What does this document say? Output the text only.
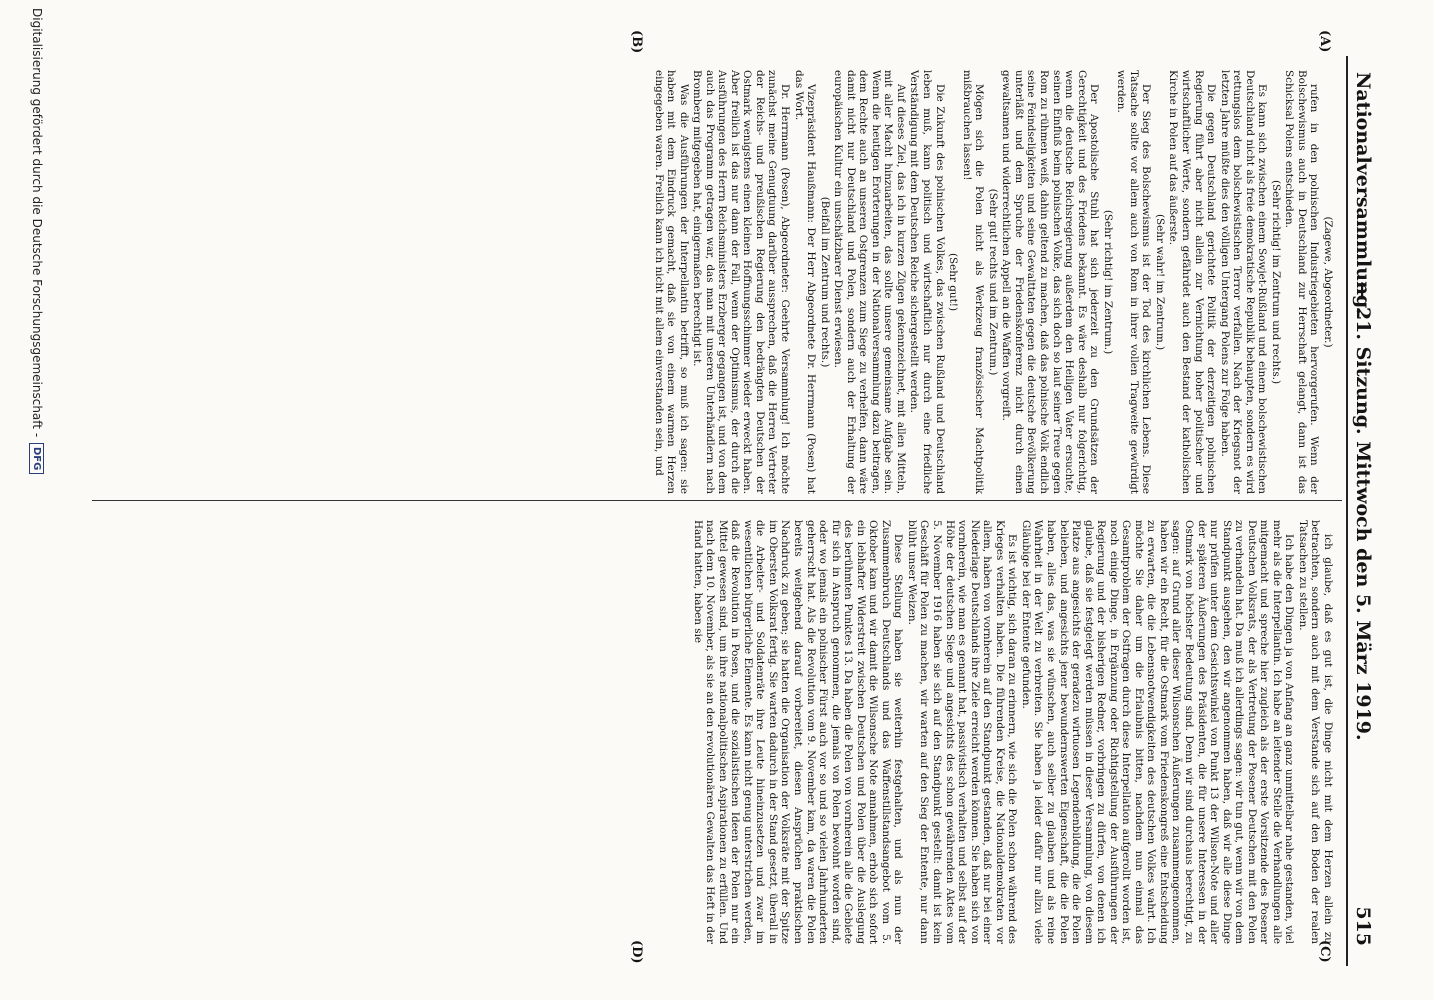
Nationalversammlung.
— 21. Sitzung. Mittwoch den 5. März 1919.
515
(A)
(B)
(C)
(D)

(Zagewe, Abgeordneter.)

rufen in den polnischen Industriegebieten hervorgerufen. Wenn der Bolschewismus auch in Deutschland zur Herrschaft gelangt, dann ist das Schicksal Polens entschieden.

(Sehr richtig! im Zentrum und rechts.)

Es kann sich zwischen einem Sowjet-Rußland und einem bolschewistischen Deutschland nicht als freie demokratische Republik behaupten, sondern es wird rettungslos dem bolschewistischen Terror verfallen. Nach der Kriegsnot der letzten Jahre müßte dies den völligen Untergang Polens zur Folge haben.

Die gegen Deutschland gerichtete Politik der derzeitigen polnischen Regierung führt aber nicht allein zur Vernichtung hoher politischer und wirtschaftlicher Werte, sondern gefährdet auch den Bestand der katholischen Kirche in Polen auf das äußerste.

(Sehr wahr! im Zentrum.)

Der Sieg des Bolschewismus ist der Tod des kirchlichen Lebens. Diese Tatsache sollte vor allem auch von Rom in ihrer vollen Tragweite gewürdigt werden.

(Sehr richtig! im Zentrum.)

Der Apostolische Stuhl hat sich jederzeit zu den Grundsätzen der Gerechtigkeit und des Friedens bekannt. Es wäre deshalb nur folgerichtig, wenn die deutsche Reichsregierung außerdem den Heiligen Vater ersuchte, seinen Einfluß beim polnischen Volke, das sich doch so laut seiner Treue gegen Rom zu rühmen weiß, dahin geltend zu machen, daß das polnische Volk endlich seine Feindseligkeiten und seine Gewalttaten gegen die deutsche Bevölkerung unterläßt und dem Spruche der Friedenskonferenz nicht durch einen gewaltsamen und widerrechtlichen Appell an die Waffen vorgreift.

(Sehr gut! rechts und im Zentrum.)

Mögen sich die Polen nicht als Werkzeug französischer Machtpolitik mißbrauchen lassen!

(Sehr gut!)

Die Zukunft des polnischen Volkes, das zwischen Rußland und Deutschland leben muß, kann politisch und wirtschaftlich nur durch eine friedliche Verständigung mit dem Deutschen Reiche sichergestellt werden.

Auf dieses Ziel, das ich in kurzen Zügen gekennzeichnet, mit allen Mitteln, mit aller Macht hinzuarbeiten, das sollte unsere gemeinsame Aufgabe sein. Wenn die heutigen Erörterungen in der Nationalversammlung dazu beitragen, dem Rechte auch an unseren Ostgrenzen zum Siege zu verhelfen, dann wäre damit nicht nur Deutschland und Polen, sondern auch der Erhaltung der europäischen Kultur ein unschätzbarer Dienst erwiesen.

(Beifall im Zentrum und rechts.)

Vizepräsident Haußmann: Der Herr Abgeordnete Dr. Herrmann (Posen) hat das Wort.

Dr. Herrmann (Posen), Abgeordneter: Geehrte Versammlung! Ich möchte zunächst meine Genugtuung darüber aussprechen, daß die Herren Vertreter der Reichs- und preußischen Regierung den bedrängten Deutschen der Ostmark wenigstens einen kleinen Hoffnungsschimmer wieder erweckt haben. Aber freilich ist das nur dann der Fall, wenn der Optimismus, der durch die Ausführungen des Herrn Reichsministers Erzberger gegangen ist, und von dem auch das Programm getragen war, das man mit unseren Unterhändlern nach Bromberg mitgegeben hat, einigermaßen berechtigt ist.

Was die Ausführungen der Interpellantin betrifft, so muß ich sagen: sie haben mit dem Eindruck gemacht, daß sie von einem warmen Herzen eingegeben waren. Freilich kann ich nicht mit allem einverstanden sein, und

ich glaube, daß es gut ist, die Dinge nicht mit dem Herzen allein zu betrachten, sondern auch mit dem Verstande sich auf den Boden der realen Tatsachen zu stellen.

Ich habe den Dingen ja von Anfang an ganz unmittelbar nahe gestanden, viel mehr als die Interpellantin. Ich habe an leitender Stelle die Verhandlungen alle mitgemacht und spreche hier zugleich als der erste Vorsitzende des Posener Deutschen Volksrats, der als Vertretung der Posener Deutschen mit den Polen zu verhandeln hat. Da muß ich allerdings sagen: wir tun gut, wenn wir von dem Standpunkt ausgehen, den wir angenommen haben, daß wir alle diese Dinge nur prüfen unter dem Gesichtswinkel von Punkt 13 der Wilson-Note und aller der späteren Äußerungen des Präsidenten, die für unsere Interessen in der Ostmark von höchster Bedeutung sind. Denn wir sind durchaus berechtigt, zu sagen: auf Grund aller dieser Wilsonschen Äußerungen zusammengenommen, haben wir ein Recht, für die Ostmark vom Friedenskongreß eine Entscheidung zu erwarten, die die Lebensnotwendigkeiten des deutschen Volkes wahrt. Ich möchte Sie daher um die Erlaubnis bitten, nachdem nun einmal das Gesamtproblem der Ostfragen durch diese Interpellation aufgerollt worden ist, noch einige Dinge, in Ergänzung oder Richtigstellung der Ausführungen der Regierung und der bisherigen Redner, vorbringen zu dürfen, von denen ich glaube, daß sie festgelegt werden müssen in dieser Versammlung, von diesem Platze aus angesichts der geradezu wirtuosen Legendenbildung, die die Polen belieben, und angesichts jener bewundernswerten Eigenschaft, die die Polen haben, alles das, was sie wünschen, auch selber zu glauben und als reine Wahrheit in der Welt zu verbreiten. Sie haben ja leider dafür nur allzu viele Gläubige bei der Entente gefunden.

Es ist wichtig, sich daran zu erinnern, wie sich die Polen schon während des Krieges verhalten haben. Die führenden Kreise, die Nationaldemokraten vor allem, haben von vornherein auf den Standpunkt gestanden, daß nur bei einer Niederlage Deutschlands ihre Ziele erreicht werden können. Sie haben sich von vornherein, wie man es genannt hat, passivistisch verhalten und selbst auf der Höhe der deutschen Siege und angesichts des schon gewährenden Aktes vom 5. November 1916 haben sie sich auf den Standpunkt gestellt: damit ist kein Geschäft für Polen zu machen, wir warten auf den Sieg der Entente, nur dann blüht unser Weizen.

Diese Stellung haben sie weiterhin festgehalten, und als nun der Zusammenbruch Deutschlands und das Waffenstillstandsangebot vom 5. Oktober kam und wir damit die Wilsonsche Note annahmen, erhob sich sofort ein lebhafter Widerstreit zwischen Deutschen und Polen über die Auslegung des berühmten Punktes 13. Da haben die Polen von vornherein alle die Gebiete für sich in Anspruch genommen, die jemals von Polen bewohnt worden sind, oder wo jemals ein polnischer Fürst auch vor so und so vielen Jahrhunderten geherrscht hat. Als die Revolution vom 9. November kam, da waren die Polen bereits weitgehend darauf vorbereitet, diesen Ansprüchen praktischen Nachdruck zu geben; sie hatten die Organisation der Volksräte mit der Spitze im Obersten Volksrat fertig. Sie warten dadurch in der Stand gesetzt, überall in die Arbeiter- und Soldatenräte ihre Leute hineinzusetzen und zwar im wesentlichen bürgerliche Elemente. Es kann nicht genug unterstrichen werden, daß die Revolution in Posen, und die sozialistischen Ideen der Polen nur ein Mittel gewesen sind, um ihre nationalpolitischen Aspirationen zu erfüllen. Und nach dem 10. November, als sie an den revolutionären Gewalten das Heft in der Hand hatten, haben sie

Digitalisierung gefördert durch die Deutsche Forschungsgemeinschaft - DFG
